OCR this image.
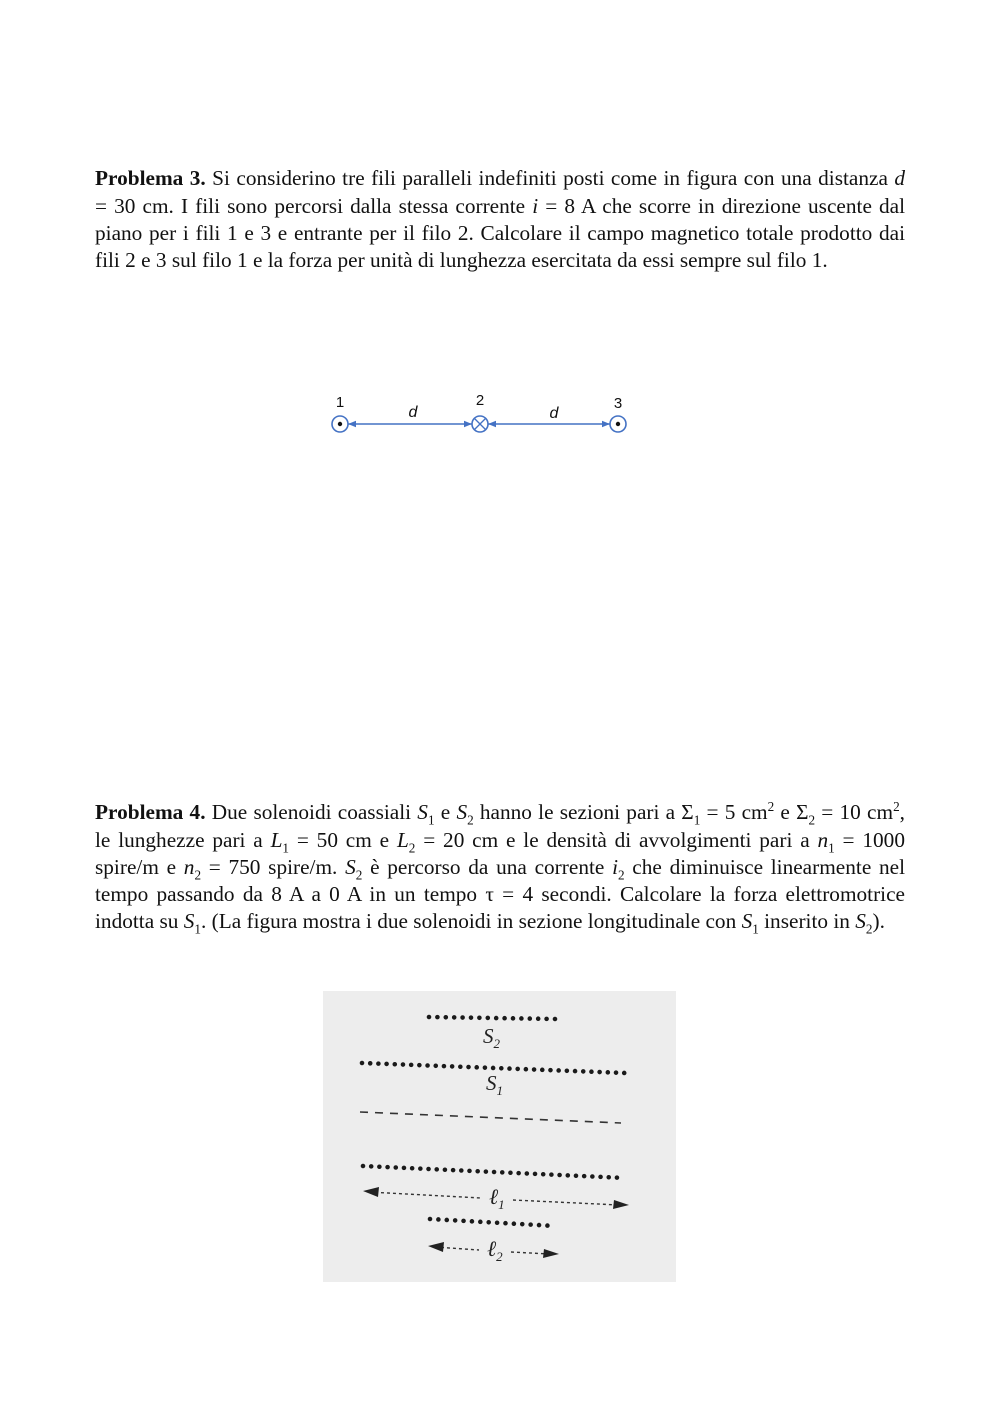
Problema 3. Si considerino tre fili paralleli indefiniti posti come in figura con una distanza d = 30 cm. I fili sono percorsi dalla stessa corrente i = 8 A che scorre in direzione uscente dal piano per i fili 1 e 3 e entrante per il filo 2. Calcolare il campo magnetico totale prodotto dai fili 2 e 3 sul filo 1 e la forza per unità di lunghezza esercitata da essi sempre sul filo 1.

1	2	3
d	d

Problema 4. Due solenoidi coassiali $S_1$ e $S_2$ hanno le sezioni pari a $\Sigma_1 = 5$ $cm^2$ e $\Sigma_2 = 10$ $cm^2$, le lunghezze pari a $L_1 = 50$ cm e $L_2 = 20$ cm e le densità di avvolgimenti pari a $n_1 = 1000$ spire/m e $n_2 = 750$ spire/m. $S_2$ è percorso da una corrente $i_2$ che diminuisce linearmente nel tempo passando da 8 A a 0 A in un tempo τ = 4 secondi. Calcolare la forza elettromotrice indotta su $S_1$. (La figura mostra i due solenoidi in sezione longitudinale con $S_1$ inserito in $S_2$).

$S_2$
$S_1$
ℓ$_1$
ℓ$_2$
